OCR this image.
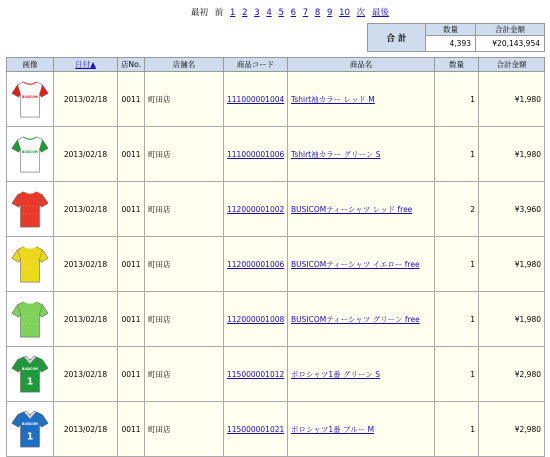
最初 前 1 2 3 4 5 6 7 8 9 10 次 最後
合 計	数量	合計金額
	4,393	¥20,143,954
画像	日付▲	店No.	店舗名	商品コード	商品名	数量	合計金額

BUSICOM	2013/02/18	0011	町田店	111000001004	Tshirt袖カラー レッド M	1	¥1,980

BUSICOM	2013/02/18	0011	町田店	111000001006	Tshirt袖カラー グリーン S	1	¥1,980

	2013/02/18	0011	町田店	112000001002	BUSICOMティーシャツ レッド free	2	¥3,960

	2013/02/18	0011	町田店	112000001006	BUSICOMティーシャツ イエロー free	1	¥1,980

	2013/02/18	0011	町田店	112000001008	BUSICOMティーシャツ グリーン free	1	¥1,980

BUSICOM
1	2013/02/18	0011	町田店	115000001012	ポロシャツ1番 グリーン S	1	¥2,980

BUSICOM
1	2013/02/18	0011	町田店	115000001021	ポロシャツ1番 ブルー M	1	¥2,980
